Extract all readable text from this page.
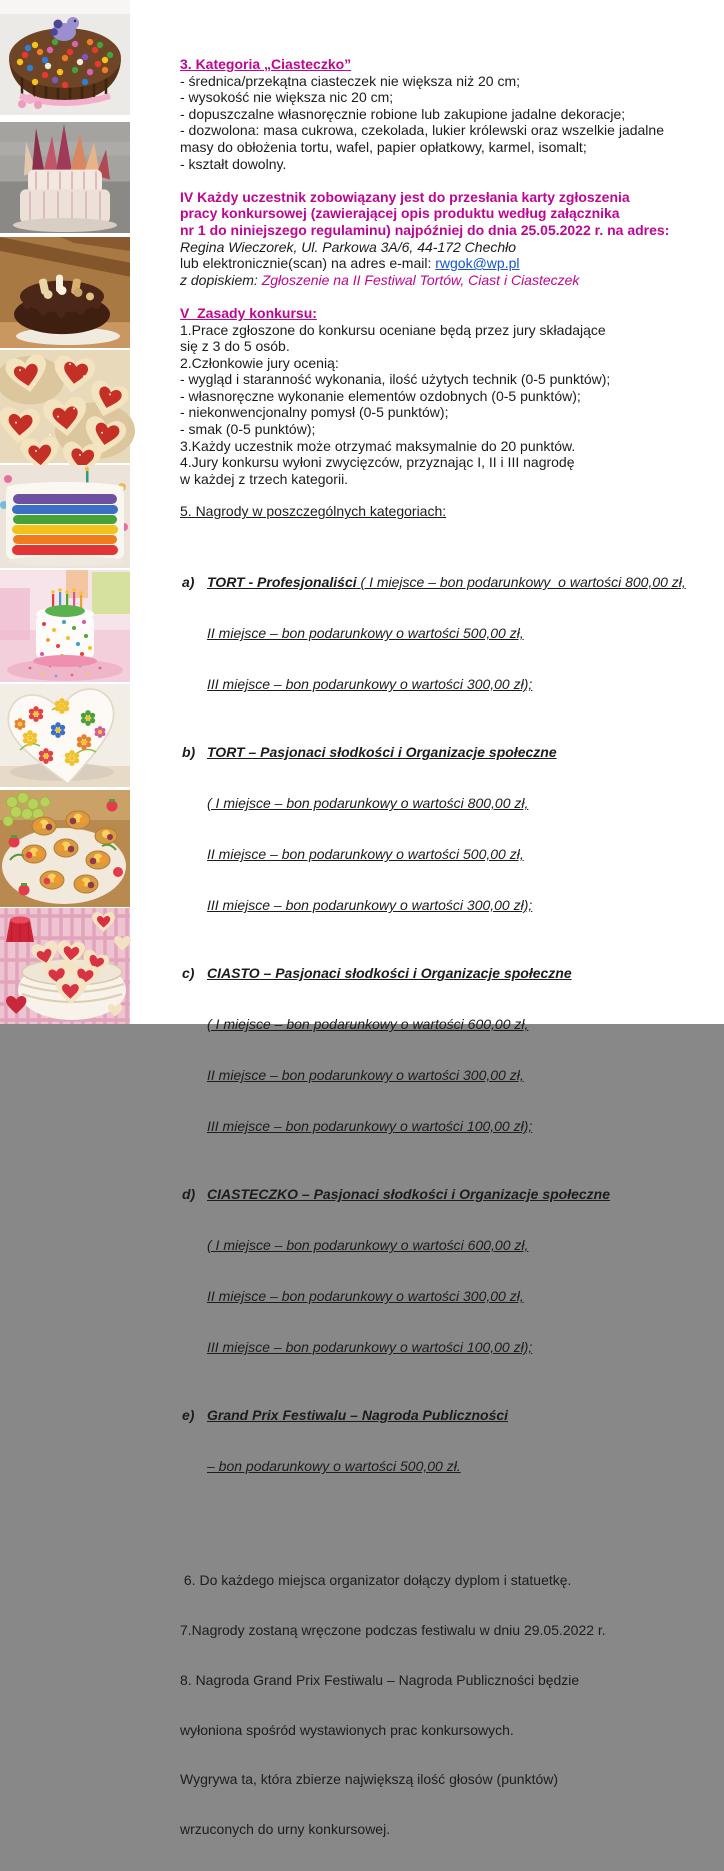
3. Kategoria „Ciasteczko”
- średnica/przekątna ciasteczek nie większa niż 20 cm;
- wysokość nie większa nic 20 cm;
- dopuszczalne własnoręcznie robione lub zakupione jadalne dekoracje;
- dozwolona: masa cukrowa, czekolada, lukier królewski oraz wszelkie jadalne
masy do obłożenia tortu, wafel, papier opłatkowy, karmel, isomalt;
- kształt dowolny.
IV Każdy uczestnik zobowiązany jest do przesłania karty zgłoszenia
pracy konkursowej (zawierającej opis produktu według załącznika
nr 1 do niniejszego regulaminu) najpóźniej do dnia 25.05.2022 r. na adres:
Regina Wieczorek, Ul. Parkowa 3A/6, 44-172 Chechło
lub elektronicznie(scan) na adres e-mail: rwgok@wp.pl
z dopiskiem: Zgłoszenie na II Festiwal Tortów, Ciast i Ciasteczek
V  Zasady konkursu:
1.Prace zgłoszone do konkursu oceniane będą przez jury składające
się z 3 do 5 osób.
2.Członkowie jury ocenią:
- wygląd i staranność wykonania, ilość użytych technik (0-5 punktów);
- własnoręczne wykonanie elementów ozdobnych (0-5 punktów);
- niekonwencjonalny pomysł (0-5 punktów);
- smak (0-5 punktów);
3.Każdy uczestnik może otrzymać maksymalnie do 20 punktów.
4.Jury konkursu wyłoni zwycięzców, przyznając I, II i III nagrodę
w każdej z trzech kategorii.
5. Nagrody w poszczególnych kategoriach:

a) TORT - Profesjonaliści ( I miejsce – bon podarunkowy  o wartości 800,00 zł,

II miejsce – bon podarunkowy o wartości 500,00 zł,

III miejsce – bon podarunkowy o wartości 300,00 zł);

b) TORT – Pasjonaci słodkości i Organizacje społeczne

( I miejsce – bon podarunkowy o wartości 800,00 zł,

II miejsce – bon podarunkowy o wartości 500,00 zł,

III miejsce – bon podarunkowy o wartości 300,00 zł);

c) CIASTO – Pasjonaci słodkości i Organizacje społeczne

( I miejsce – bon podarunkowy o wartości 600,00 zł,

II miejsce – bon podarunkowy o wartości 300,00 zł,

III miejsce – bon podarunkowy o wartości 100,00 zł);

d) CIASTECZKO – Pasjonaci słodkości i Organizacje społeczne

( I miejsce – bon podarunkowy o wartości 600,00 zł,

II miejsce – bon podarunkowy o wartości 300,00 zł,

III miejsce – bon podarunkowy o wartości 100,00 zł);

e) Grand Prix Festiwalu – Nagroda Publiczności

– bon podarunkowy o wartości 500,00 zł.

6. Do każdego miejsca organizator dołączy dyplom i statuetkę.

7.Nagrody zostaną wręczone podczas festiwalu w dniu 29.05.2022 r.

8. Nagroda Grand Prix Festiwalu – Nagroda Publiczności będzie

wyłoniona spośród wystawionych prac konkursowych.

Wygrywa ta, która zbierze największą ilość głosów (punktów)

wrzuconych do urny konkursowej.
